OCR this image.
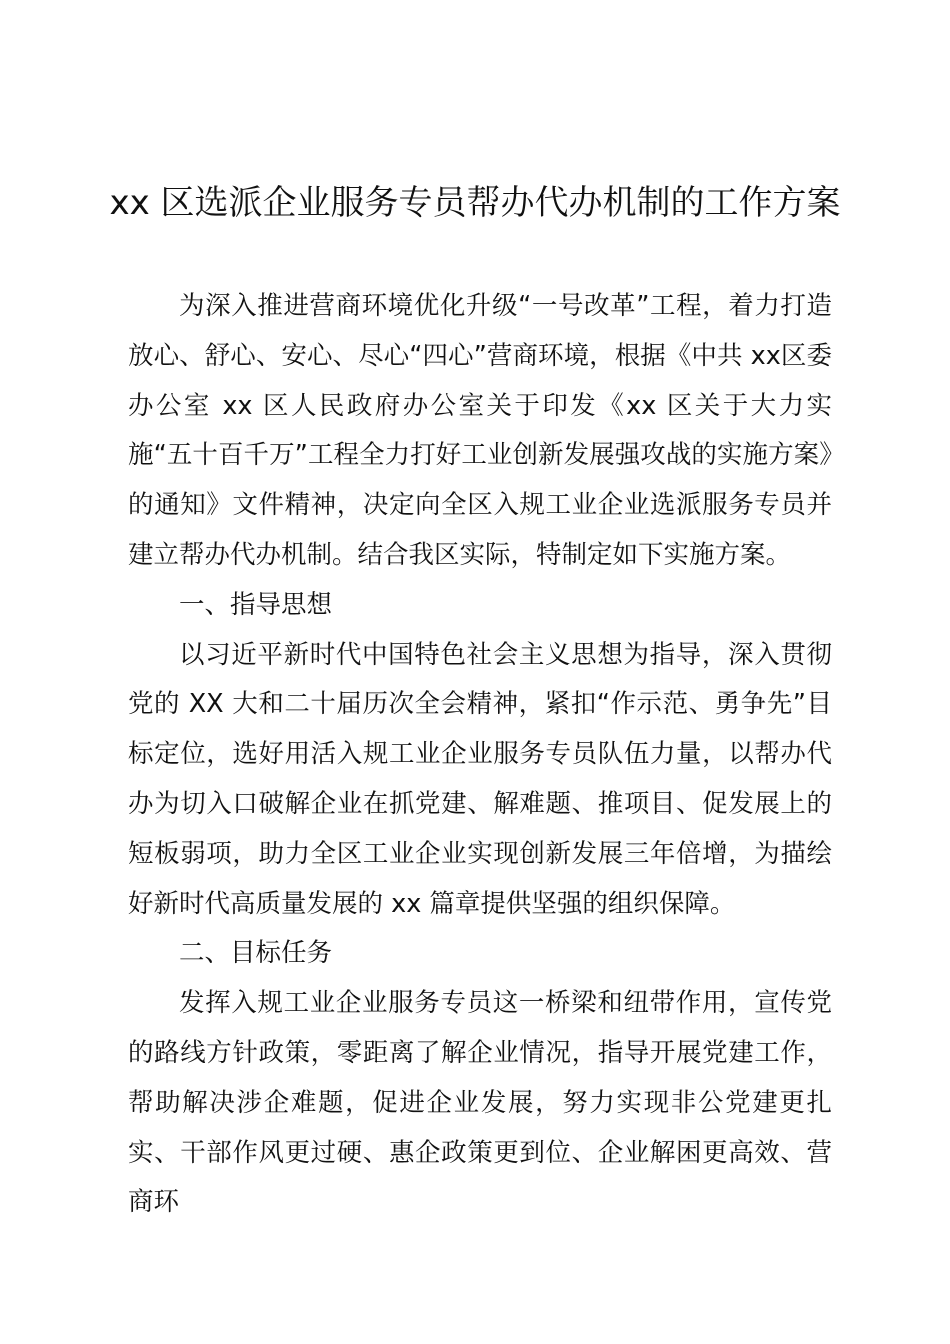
xx 区选派企业服务专员帮办代办机制的工作方案

为深入推进营商环境优化升级“一号改革”工程，着力打造放心、舒心、安心、尽心“四心”营商环境，根据《中共 xx区委办公室 xx 区人民政府办公室关于印发《xx 区关于大力实施“五十百千万”工程全力打好工业创新发展强攻战的实施方案》的通知》文件精神，决定向全区入规工业企业选派服务专员并建立帮办代办机制。结合我区实际，特制定如下实施方案。

一、指导思想

以习近平新时代中国特色社会主义思想为指导，深入贯彻党的 XX 大和二十届历次全会精神，紧扣“作示范、勇争先”目标定位，选好用活入规工业企业服务专员队伍力量，以帮办代办为切入口破解企业在抓党建、解难题、推项目、促发展上的短板弱项，助力全区工业企业实现创新发展三年倍增，为描绘好新时代高质量发展的 xx 篇章提供坚强的组织保障。

二、目标任务

发挥入规工业企业服务专员这一桥梁和纽带作用，宣传党的路线方针政策，零距离了解企业情况，指导开展党建工作，帮助解决涉企难题，促进企业发展，努力实现非公党建更扎实、干部作风更过硬、惠企政策更到位、企业解困更高效、营商环
